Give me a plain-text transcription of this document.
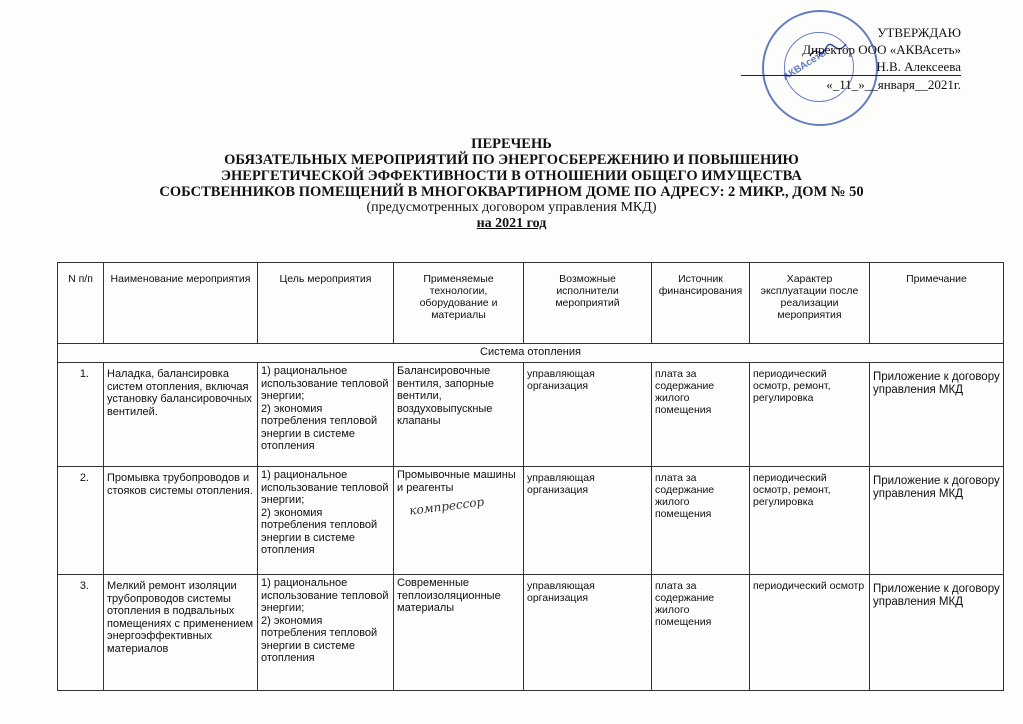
АКВАсеть
УТВЕРЖДАЮ
Директор ООО «АКВАсеть»
Н.В. Алексеева
«_11_»__января__2021г.
ПЕРЕЧЕНЬ
ОБЯЗАТЕЛЬНЫХ МЕРОПРИЯТИЙ ПО ЭНЕРГОСБЕРЕЖЕНИЮ И ПОВЫШЕНИЮ
ЭНЕРГЕТИЧЕСКОЙ ЭФФЕКТИВНОСТИ В ОТНОШЕНИИ ОБЩЕГО ИМУЩЕСТВА
СОБСТВЕННИКОВ ПОМЕЩЕНИЙ В МНОГОКВАРТИРНОМ ДОМЕ ПО АДРЕСУ: 2 МИКР., ДОМ № 50
(предусмотренных договором управления МКД)
на 2021 год
N п/п	Наименование мероприятия	Цель мероприятия	Применяемые технологии, оборудование и материалы	Возможные исполнители мероприятий	Источник финансирования	Характер эксплуатации после реализации мероприятия	Примечание
Система отопления							
1.	Наладка, балансировка систем отопления, включая установку балансировочных вентилей.	1) рациональное использование тепловой энергии;
2) экономия потребления тепловой энергии в системе отопления	Балансировочные вентиля, запорные вентили, воздуховыпускные клапаны	управляющая организация	плата за содержание жилого помещения	периодический осмотр, ремонт, регулировка	Приложение к договору управления МКД
2.	Промывка трубопроводов и стояков системы отопления.	1) рациональное использование тепловой энергии;
2) экономия потребления тепловой энергии в системе отопления	Промывочные машины и реагенты
компрессор	управляющая организация	плата за содержание жилого помещения	периодический осмотр, ремонт, регулировка	Приложение к договору управления МКД
3.	Мелкий ремонт изоляции трубопроводов системы отопления в подвальных помещениях с применением энергоэффективных материалов	1) рациональное использование тепловой энергии;
2) экономия потребления тепловой энергии в системе отопления	Современные теплоизоляционные материалы	управляющая организация	плата за содержание жилого помещения	периодический осмотр	Приложение к договору управления МКД
